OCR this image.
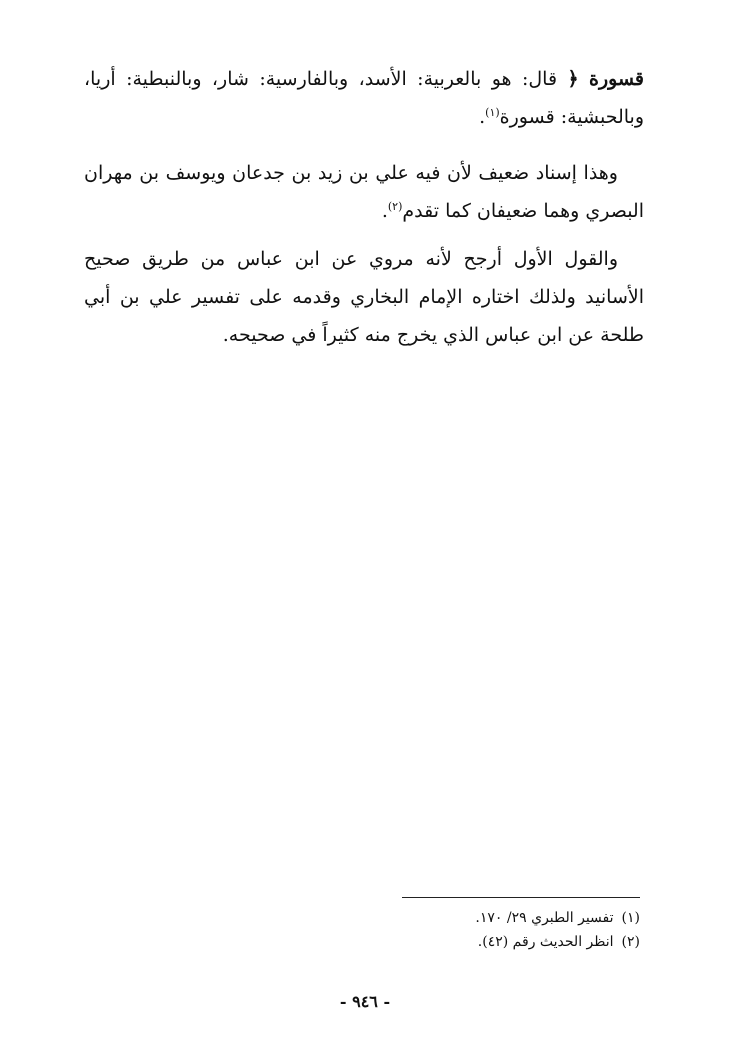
قسورة ﴿ قال: هو بالعربية: الأسد، وبالفارسية: شار، وبالنبطية: أريا، وبالحبشية: قسورة$^{(١)}$.

وهذا إسناد ضعيف لأن فيه علي بن زيد بن جدعان ويوسف بن مهران البصري وهما ضعيفان كما تقدم$^{(٢)}$.

والقول الأول أرجح لأنه مروي عن ابن عباس من طريق صحيح الأسانيد ولذلك اختاره الإمام البخاري وقدمه على تفسير علي بن أبي طلحة عن ابن عباس الذي يخرج منه كثيراً في صحيحه.

(١)تفسير الطبري ٢٩/ ١٧٠.
(٢)انظر الحديث رقم (٤٢).
- ٩٤٦ -
